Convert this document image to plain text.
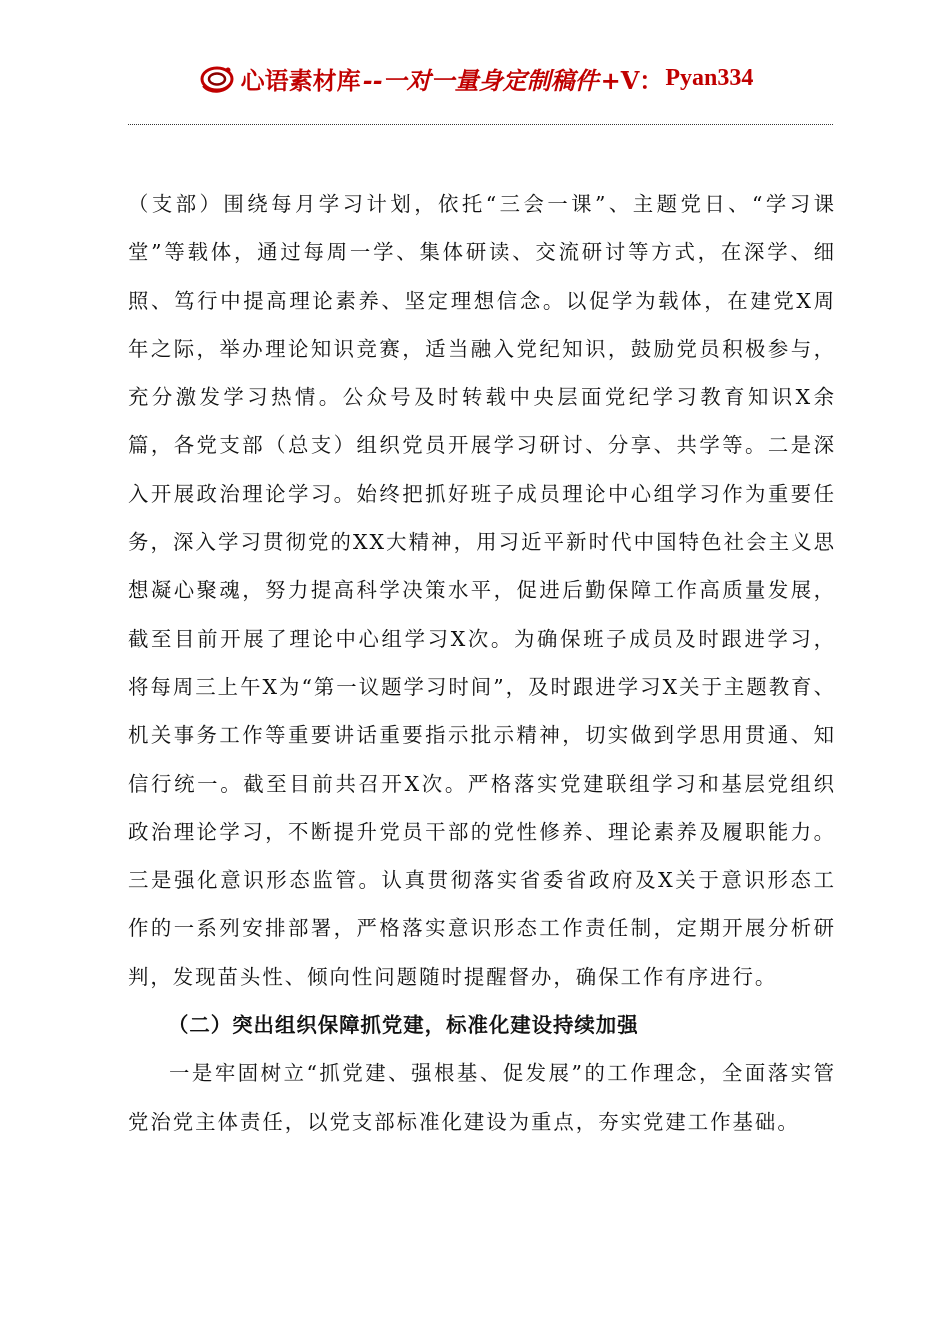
心语素材库 --一对一量身定制稿件 +V： Pyan334

（支部）围绕每月学习计划，依托“三会一课”、主题党日、“学习课堂”等载体，通过每周一学、集体研读、交流研讨等方式，在深学、细照、笃行中提高理论素养、坚定理想信念。以促学为载体，在建党X周年之际，举办理论知识竞赛，适当融入党纪知识，鼓励党员积极参与，充分激发学习热情。公众号及时转载中央层面党纪学习教育知识X余篇，各党支部（总支）组织党员开展学习研讨、分享、共学等。二是深入开展政治理论学习。始终把抓好班子成员理论中心组学习作为重要任务，深入学习贯彻党的XX大精神，用习近平新时代中国特色社会主义思想凝心聚魂，努力提高科学决策水平，促进后勤保障工作高质量发展，截至目前开展了理论中心组学习X次。为确保班子成员及时跟进学习，将每周三上午X为“第一议题学习时间”，及时跟进学习X关于主题教育、机关事务工作等重要讲话重要指示批示精神，切实做到学思用贯通、知信行统一。截至目前共召开X次。严格落实党建联组学习和基层党组织政治理论学习，不断提升党员干部的党性修养、理论素养及履职能力。三是强化意识形态监管。认真贯彻落实省委省政府及X关于意识形态工作的一系列安排部署，严格落实意识形态工作责任制，定期开展分析研判，发现苗头性、倾向性问题随时提醒督办，确保工作有序进行。

（二）突出组织保障抓党建，标准化建设持续加强

一是牢固树立“抓党建、强根基、促发展”的工作理念，全面落实管党治党主体责任，以党支部标准化建设为重点，夯实党建工作基础。
